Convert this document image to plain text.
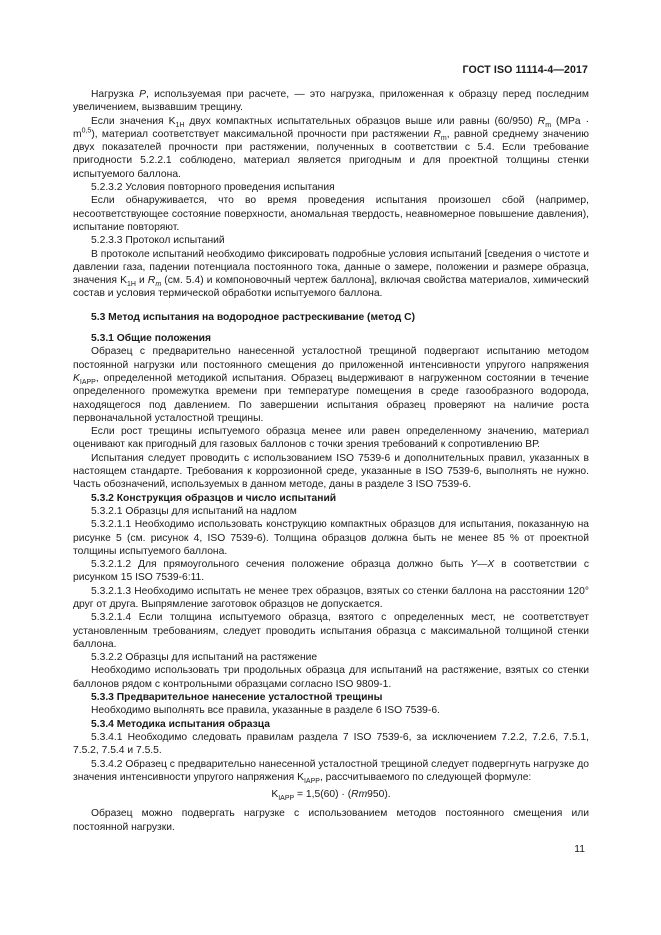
ГОСТ ISO 11114-4—2017

Нагрузка P, используемая при расчете, — это нагрузка, приложенная к образцу перед последним увеличением, вызвавшим трещину.

Если значения $K_{1H}$ двух компактных испытательных образцов выше или равны (60/950) $R_m$ $(MPa \cdot m^{0,5})$, материал соответствует максимальной прочности при растяжении $R_m$, равной среднему значению двух показателей прочности при растяжении, полученных в соответствии с 5.4. Если требование пригодности 5.2.2.1 соблюдено, материал является пригодным и для проектной толщины стенки испытуемого баллона.

5.2.3.2 Условия повторного проведения испытания

Если обнаруживается, что во время проведения испытания произошел сбой (например, несоответствующее состояние поверхности, аномальная твердость, неавномерное повышение давления), испытание повторяют.

5.2.3.3 Протокол испытаний

В протоколе испытаний необходимо фиксировать подробные условия испытаний [сведения о чистоте и давлении газа, падении потенциала постоянного тока, данные о замере, положении и размере образца, значения $K_{1H}$ и $R_m$ (см. 5.4) и компоновочный чертеж баллона], включая свойства материалов, химический состав и условия термической обработки испытуемого баллона.

5.3 Метод испытания на водородное растрескивание (метод С)

5.3.1 Общие положения

Образец с предварительно нанесенной усталостной трещиной подвергают испытанию методом постоянной нагрузки или постоянного смещения до приложенной интенсивности упругого напряжения $K_{IAPP}$, определенной методикой испытания. Образец выдерживают в нагруженном состоянии в течение определенного промежутка времени при температуре помещения в среде газообразного водорода, находящегося под давлением. По завершении испытания образец проверяют на наличие роста первоначальной усталостной трещины.

Если рост трещины испытуемого образца менее или равен определенному значению, материал оценивают как пригодный для газовых баллонов с точки зрения требований к сопротивлению ВР.

Испытания следует проводить с использованием ISO 7539-6 и дополнительных правил, указанных в настоящем стандарте. Требования к коррозионной среде, указанные в ISO 7539-6, выполнять не нужно. Часть обозначений, используемых в данном методе, даны в разделе 3 ISO 7539-6.

5.3.2 Конструкция образцов и число испытаний

5.3.2.1 Образцы для испытаний на надлом

5.3.2.1.1 Необходимо использовать конструкцию компактных образцов для испытания, показанную на рисунке 5 (см. рисунок 4, ISO 7539-6). Толщина образцов должна быть не менее 85 % от проектной толщины испытуемого баллона.

5.3.2.1.2 Для прямоугольного сечения положение образца должно быть Y—X в соответствии с рисунком 15 ISO 7539-6:11.

5.3.2.1.3 Необходимо испытать не менее трех образцов, взятых со стенки баллона на расстоянии 120° друг от друга. Выпрямление заготовок образцов не допускается.

5.3.2.1.4 Если толщина испытуемого образца, взятого с определенных мест, не соответствует установленным требованиям, следует проводить испытания образца с максимальной толщиной стенки баллона.

5.3.2.2 Образцы для испытаний на растяжение

Необходимо использовать три продольных образца для испытаний на растяжение, взятых со стенки баллонов рядом с контрольными образцами согласно ISO 9809-1.

5.3.3 Предварительное нанесение усталостной трещины

Необходимо выполнять все правила, указанные в разделе 6 ISO 7539-6.

5.3.4 Методика испытания образца

5.3.4.1 Необходимо следовать правилам раздела 7 ISO 7539-6, за исключением 7.2.2, 7.2.6, 7.5.1, 7.5.2, 7.5.4 и 7.5.5.

5.3.4.2 Образец с предварительно нанесенной усталостной трещиной следует подвергнуть нагрузке до значения интенсивности упругого напряжения $K_{IAPP}$, рассчитываемого по следующей формуле:

$K_{IAPP} = 1,5(60) \cdot (Rm950)$.

Образец можно подвергать нагрузке с использованием методов постоянного смещения или постоянной нагрузки.

11
